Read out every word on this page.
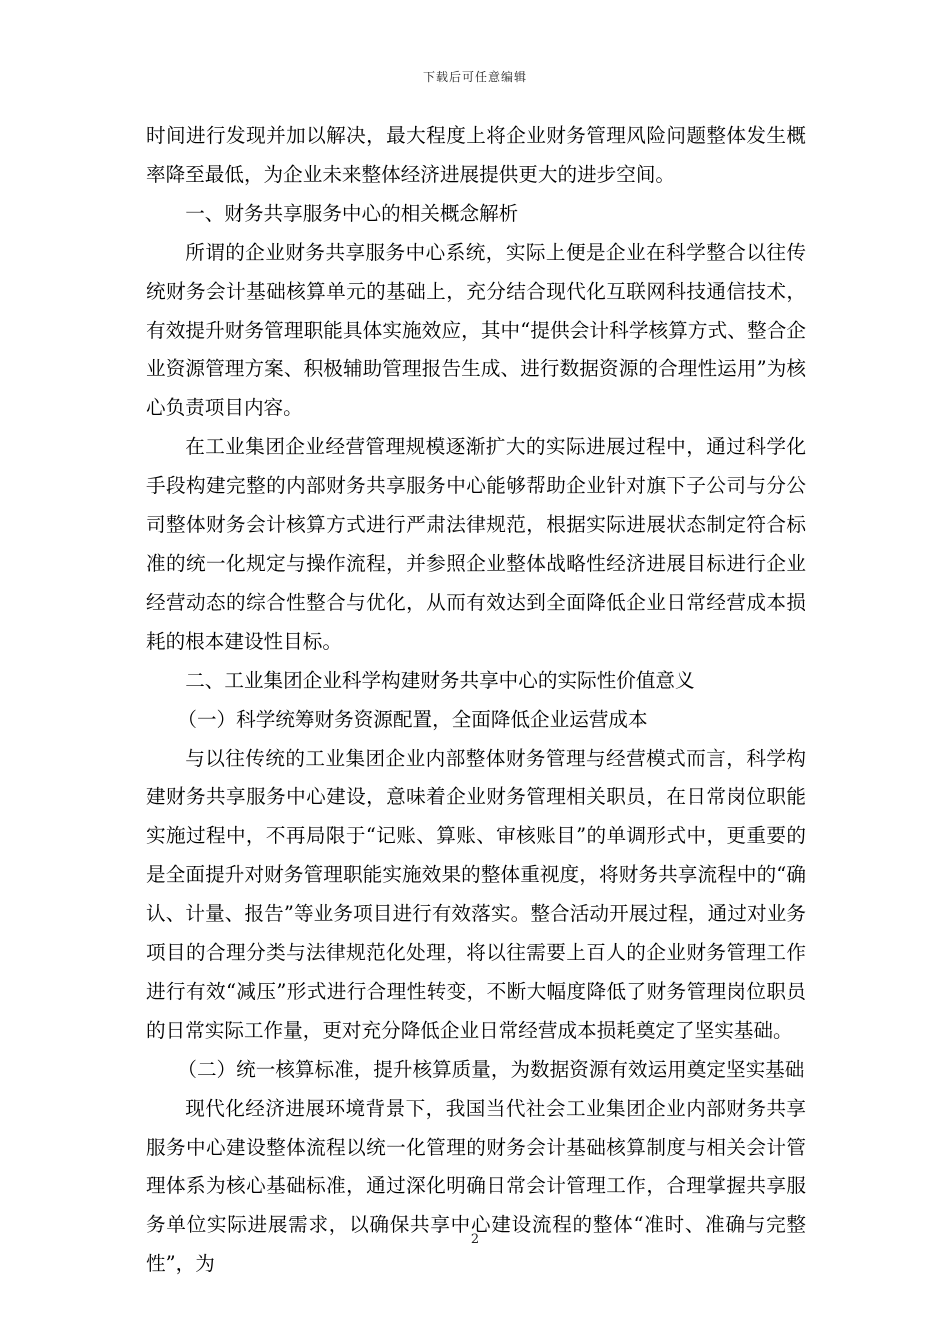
下载后可任意编辑

时间进行发现并加以解决，最大程度上将企业财务管理风险问题整体发生概率降至最低，为企业未来整体经济进展提供更大的进步空间。

一、财务共享服务中心的相关概念解析

所谓的企业财务共享服务中心系统，实际上便是企业在科学整合以往传统财务会计基础核算单元的基础上，充分结合现代化互联网科技通信技术，有效提升财务管理职能具体实施效应，其中“提供会计科学核算方式、整合企业资源管理方案、积极辅助管理报告生成、进行数据资源的合理性运用”为核心负责项目内容。

在工业集团企业经营管理规模逐渐扩大的实际进展过程中，通过科学化手段构建完整的内部财务共享服务中心能够帮助企业针对旗下子公司与分公司整体财务会计核算方式进行严肃法律规范，根据实际进展状态制定符合标准的统一化规定与操作流程，并参照企业整体战略性经济进展目标进行企业经营动态的综合性整合与优化，从而有效达到全面降低企业日常经营成本损耗的根本建设性目标。

二、工业集团企业科学构建财务共享中心的实际性价值意义

（一）科学统筹财务资源配置，全面降低企业运营成本

与以往传统的工业集团企业内部整体财务管理与经营模式而言，科学构建财务共享服务中心建设，意味着企业财务管理相关职员，在日常岗位职能实施过程中，不再局限于“记账、算账、审核账目”的单调形式中，更重要的是全面提升对财务管理职能实施效果的整体重视度，将财务共享流程中的“确认、计量、报告”等业务项目进行有效落实。整合活动开展过程，通过对业务项目的合理分类与法律规范化处理，将以往需要上百人的企业财务管理工作进行有效“减压”形式进行合理性转变，不断大幅度降低了财务管理岗位职员的日常实际工作量，更对充分降低企业日常经营成本损耗奠定了坚实基础。

（二）统一核算标准，提升核算质量，为数据资源有效运用奠定坚实基础

现代化经济进展环境背景下，我国当代社会工业集团企业内部财务共享服务中心建设整体流程以统一化管理的财务会计基础核算制度与相关会计管理体系为核心基础标准，通过深化明确日常会计管理工作，合理掌握共享服务单位实际进展需求，以确保共享中心建设流程的整体“准时、准确与完整性”，为

2
